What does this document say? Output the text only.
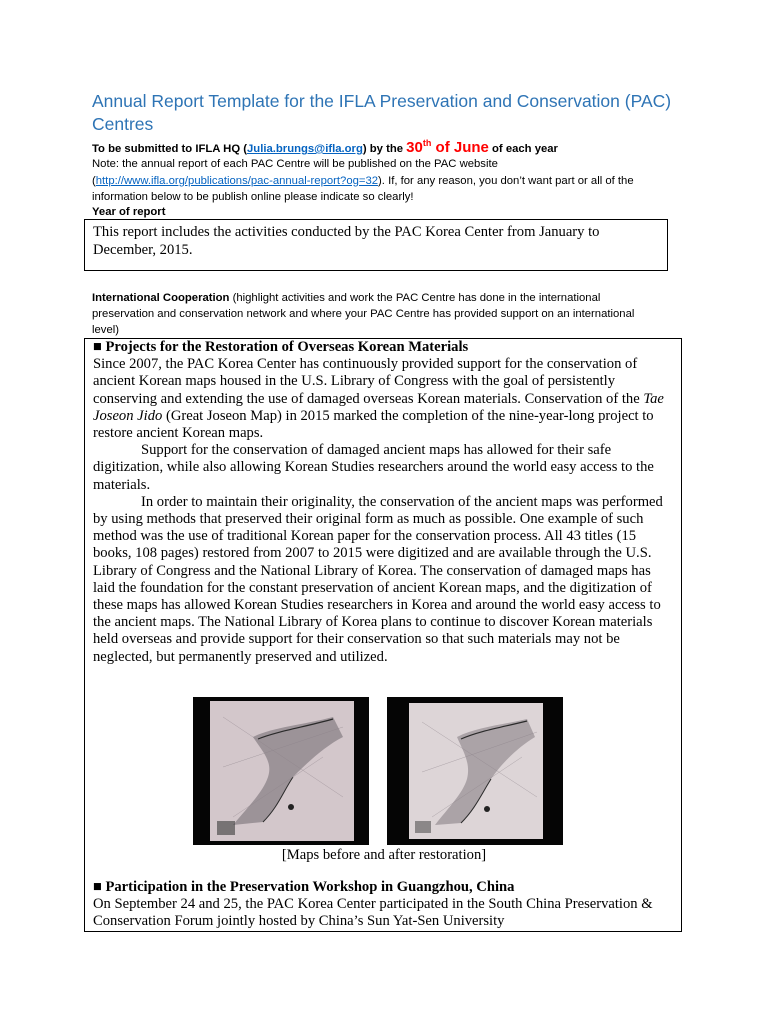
Annual Report Template for the IFLA Preservation and Conservation (PAC) Centres
To be submitted to IFLA HQ (Julia.brungs@ifla.org) by the 30th of June of each year
Note: the annual report of each PAC Centre will be published on the PAC website
(http://www.ifla.org/publications/pac-annual-report?og=32). If, for any reason, you don’t want part or all of the information below to be publish online please indicate so clearly!
Year of report
This report includes the activities conducted by the PAC Korea Center from January to December, 2015.
International Cooperation (highlight activities and work the PAC Centre has done in the international preservation and conservation network and where your PAC Centre has provided support on an international level)

■ Projects for the Restoration of Overseas Korean Materials

Since 2007, the PAC Korea Center has continuously provided support for the conservation of ancient Korean maps housed in the U.S. Library of Congress with the goal of persistently conserving and extending the use of damaged overseas Korean materials. Conservation of the Tae Joseon Jido (Great Joseon Map) in 2015 marked the completion of the nine-year-long project to restore ancient Korean maps.

Support for the conservation of damaged ancient maps has allowed for their safe digitization, while also allowing Korean Studies researchers around the world easy access to the materials.

In order to maintain their originality, the conservation of the ancient maps was performed by using methods that preserved their original form as much as possible. One example of such method was the use of traditional Korean paper for the conservation process. All 43 titles (15 books, 108 pages) restored from 2007 to 2015 were digitized and are available through the U.S. Library of Congress and the National Library of Korea. The conservation of damaged maps has laid the foundation for the constant preservation of ancient Korean maps, and the digitization of these maps has allowed Korean Studies researchers in Korea and around the world easy access to the ancient maps. The National Library of Korea plans to continue to discover Korean materials held overseas and provide support for their conservation so that such materials may not be neglected, but permanently preserved and utilized.

[Maps before and after restoration]

■ Participation in the Preservation Workshop in Guangzhou, China

On September 24 and 25, the PAC Korea Center participated in the South China Preservation & Conservation Forum jointly hosted by China’s Sun Yat-Sen University
